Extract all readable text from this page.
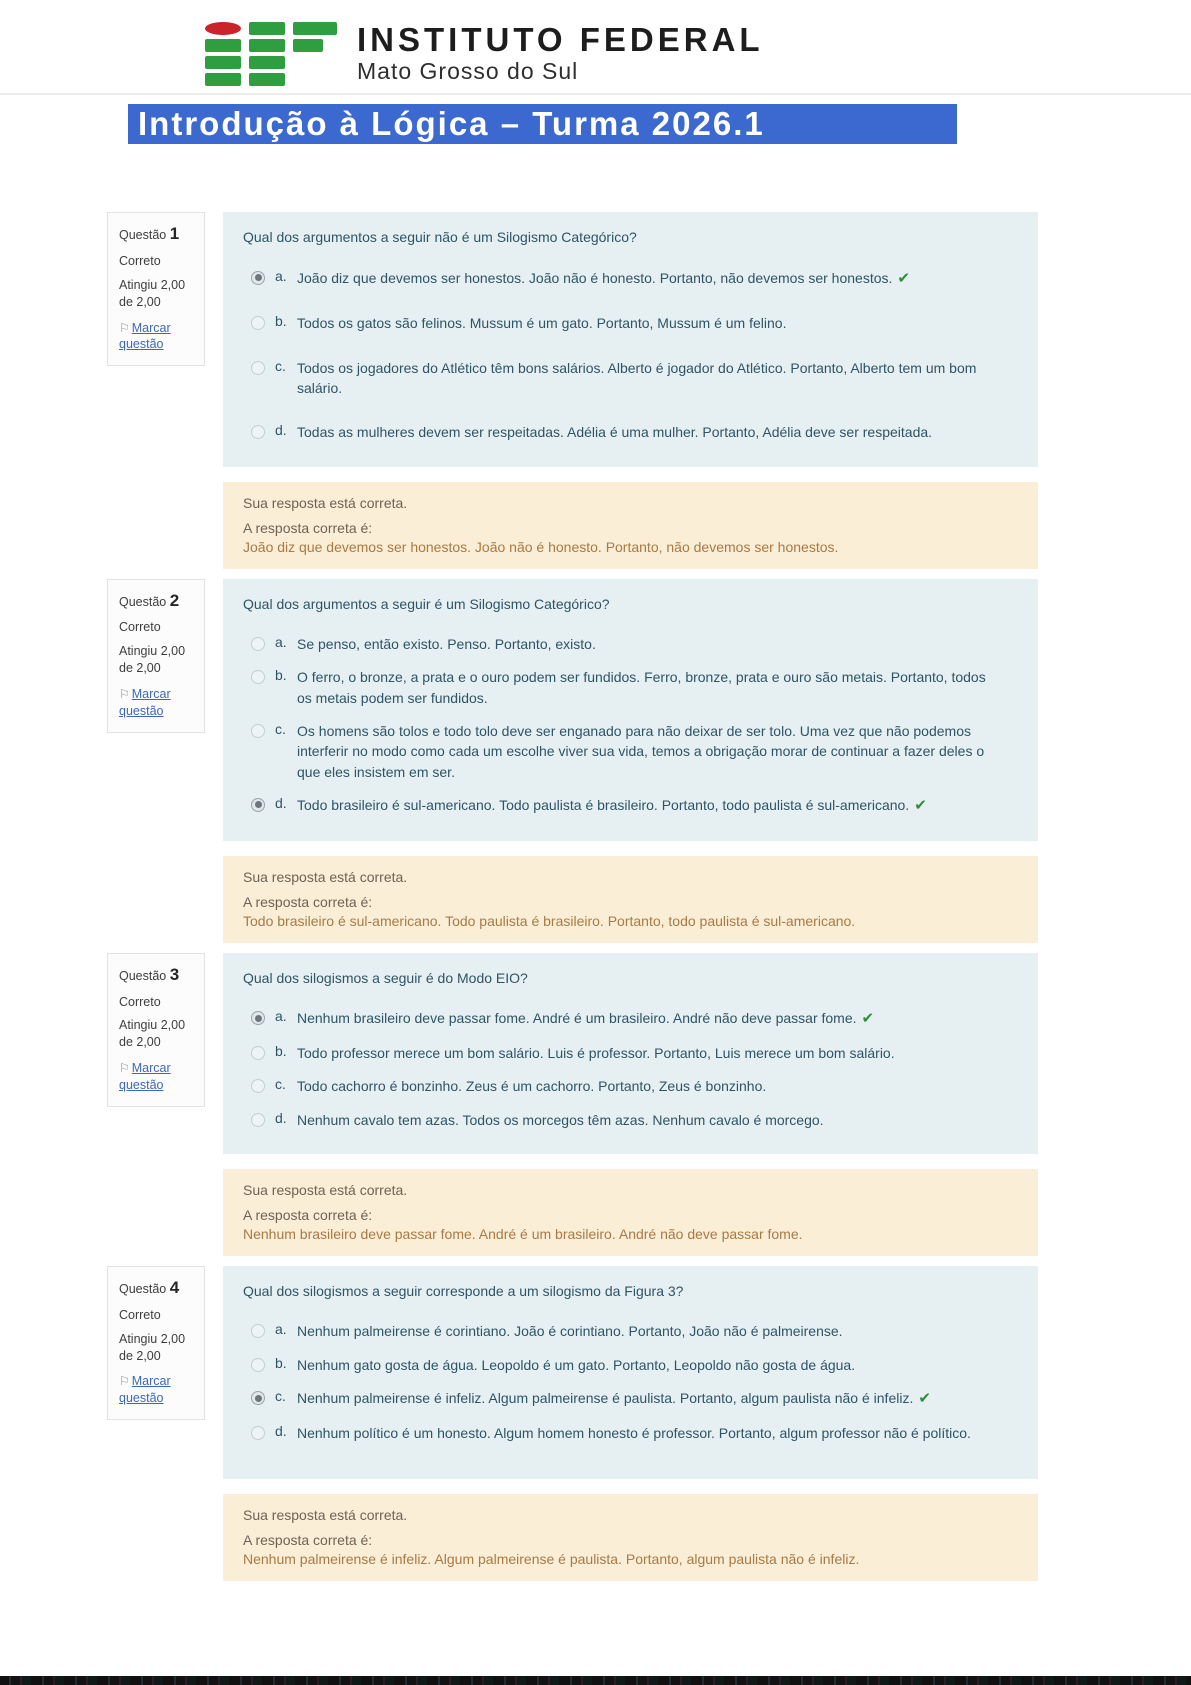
INSTITUTO FEDERAL
Mato Grosso do Sul
Introdução à Lógica – Turma 2026.1
Questão 1
Correto
Atingiu 2,00 de 2,00
⚐ Marcar questão

Qual dos argumentos a seguir não é um Silogismo Categórico?

a. João diz que devemos ser honestos. João não é honesto. Portanto, não devemos ser honestos. ✔
b. Todos os gatos são felinos. Mussum é um gato. Portanto, Mussum é um felino.
c. Todos os jogadores do Atlético têm bons salários. Alberto é jogador do Atlético. Portanto, Alberto tem um bom salário.
d. Todas as mulheres devem ser respeitadas. Adélia é uma mulher. Portanto, Adélia deve ser respeitada.

Sua resposta está correta.

A resposta correta é:

João diz que devemos ser honestos. João não é honesto. Portanto, não devemos ser honestos.

Questão 2
Correto
Atingiu 2,00 de 2,00
⚐ Marcar questão

Qual dos argumentos a seguir é um Silogismo Categórico?

a. Se penso, então existo. Penso. Portanto, existo.
b. O ferro, o bronze, a prata e o ouro podem ser fundidos. Ferro, bronze, prata e ouro são metais. Portanto, todos os metais podem ser fundidos.
c. Os homens são tolos e todo tolo deve ser enganado para não deixar de ser tolo. Uma vez que não podemos interferir no modo como cada um escolhe viver sua vida, temos a obrigação morar de continuar a fazer deles o que eles insistem em ser.
d. Todo brasileiro é sul-americano. Todo paulista é brasileiro. Portanto, todo paulista é sul-americano. ✔

Sua resposta está correta.

A resposta correta é:

Todo brasileiro é sul-americano. Todo paulista é brasileiro. Portanto, todo paulista é sul-americano.

Questão 3
Correto
Atingiu 2,00 de 2,00
⚐ Marcar questão

Qual dos silogismos a seguir é do Modo EIO?

a. Nenhum brasileiro deve passar fome. André é um brasileiro. André não deve passar fome. ✔
b. Todo professor merece um bom salário. Luis é professor. Portanto, Luis merece um bom salário.
c. Todo cachorro é bonzinho. Zeus é um cachorro. Portanto, Zeus é bonzinho.
d. Nenhum cavalo tem azas. Todos os morcegos têm azas. Nenhum cavalo é morcego.

Sua resposta está correta.

A resposta correta é:

Nenhum brasileiro deve passar fome. André é um brasileiro. André não deve passar fome.

Questão 4
Correto
Atingiu 2,00 de 2,00
⚐ Marcar questão

Qual dos silogismos a seguir corresponde a um silogismo da Figura 3?

a. Nenhum palmeirense é corintiano. João é corintiano. Portanto, João não é palmeirense.
b. Nenhum gato gosta de água. Leopoldo é um gato. Portanto, Leopoldo não gosta de água.
c. Nenhum palmeirense é infeliz. Algum palmeirense é paulista. Portanto, algum paulista não é infeliz. ✔
d. Nenhum político é um honesto. Algum homem honesto é professor. Portanto, algum professor não é político.

Sua resposta está correta.

A resposta correta é:

Nenhum palmeirense é infeliz. Algum palmeirense é paulista. Portanto, algum paulista não é infeliz.
